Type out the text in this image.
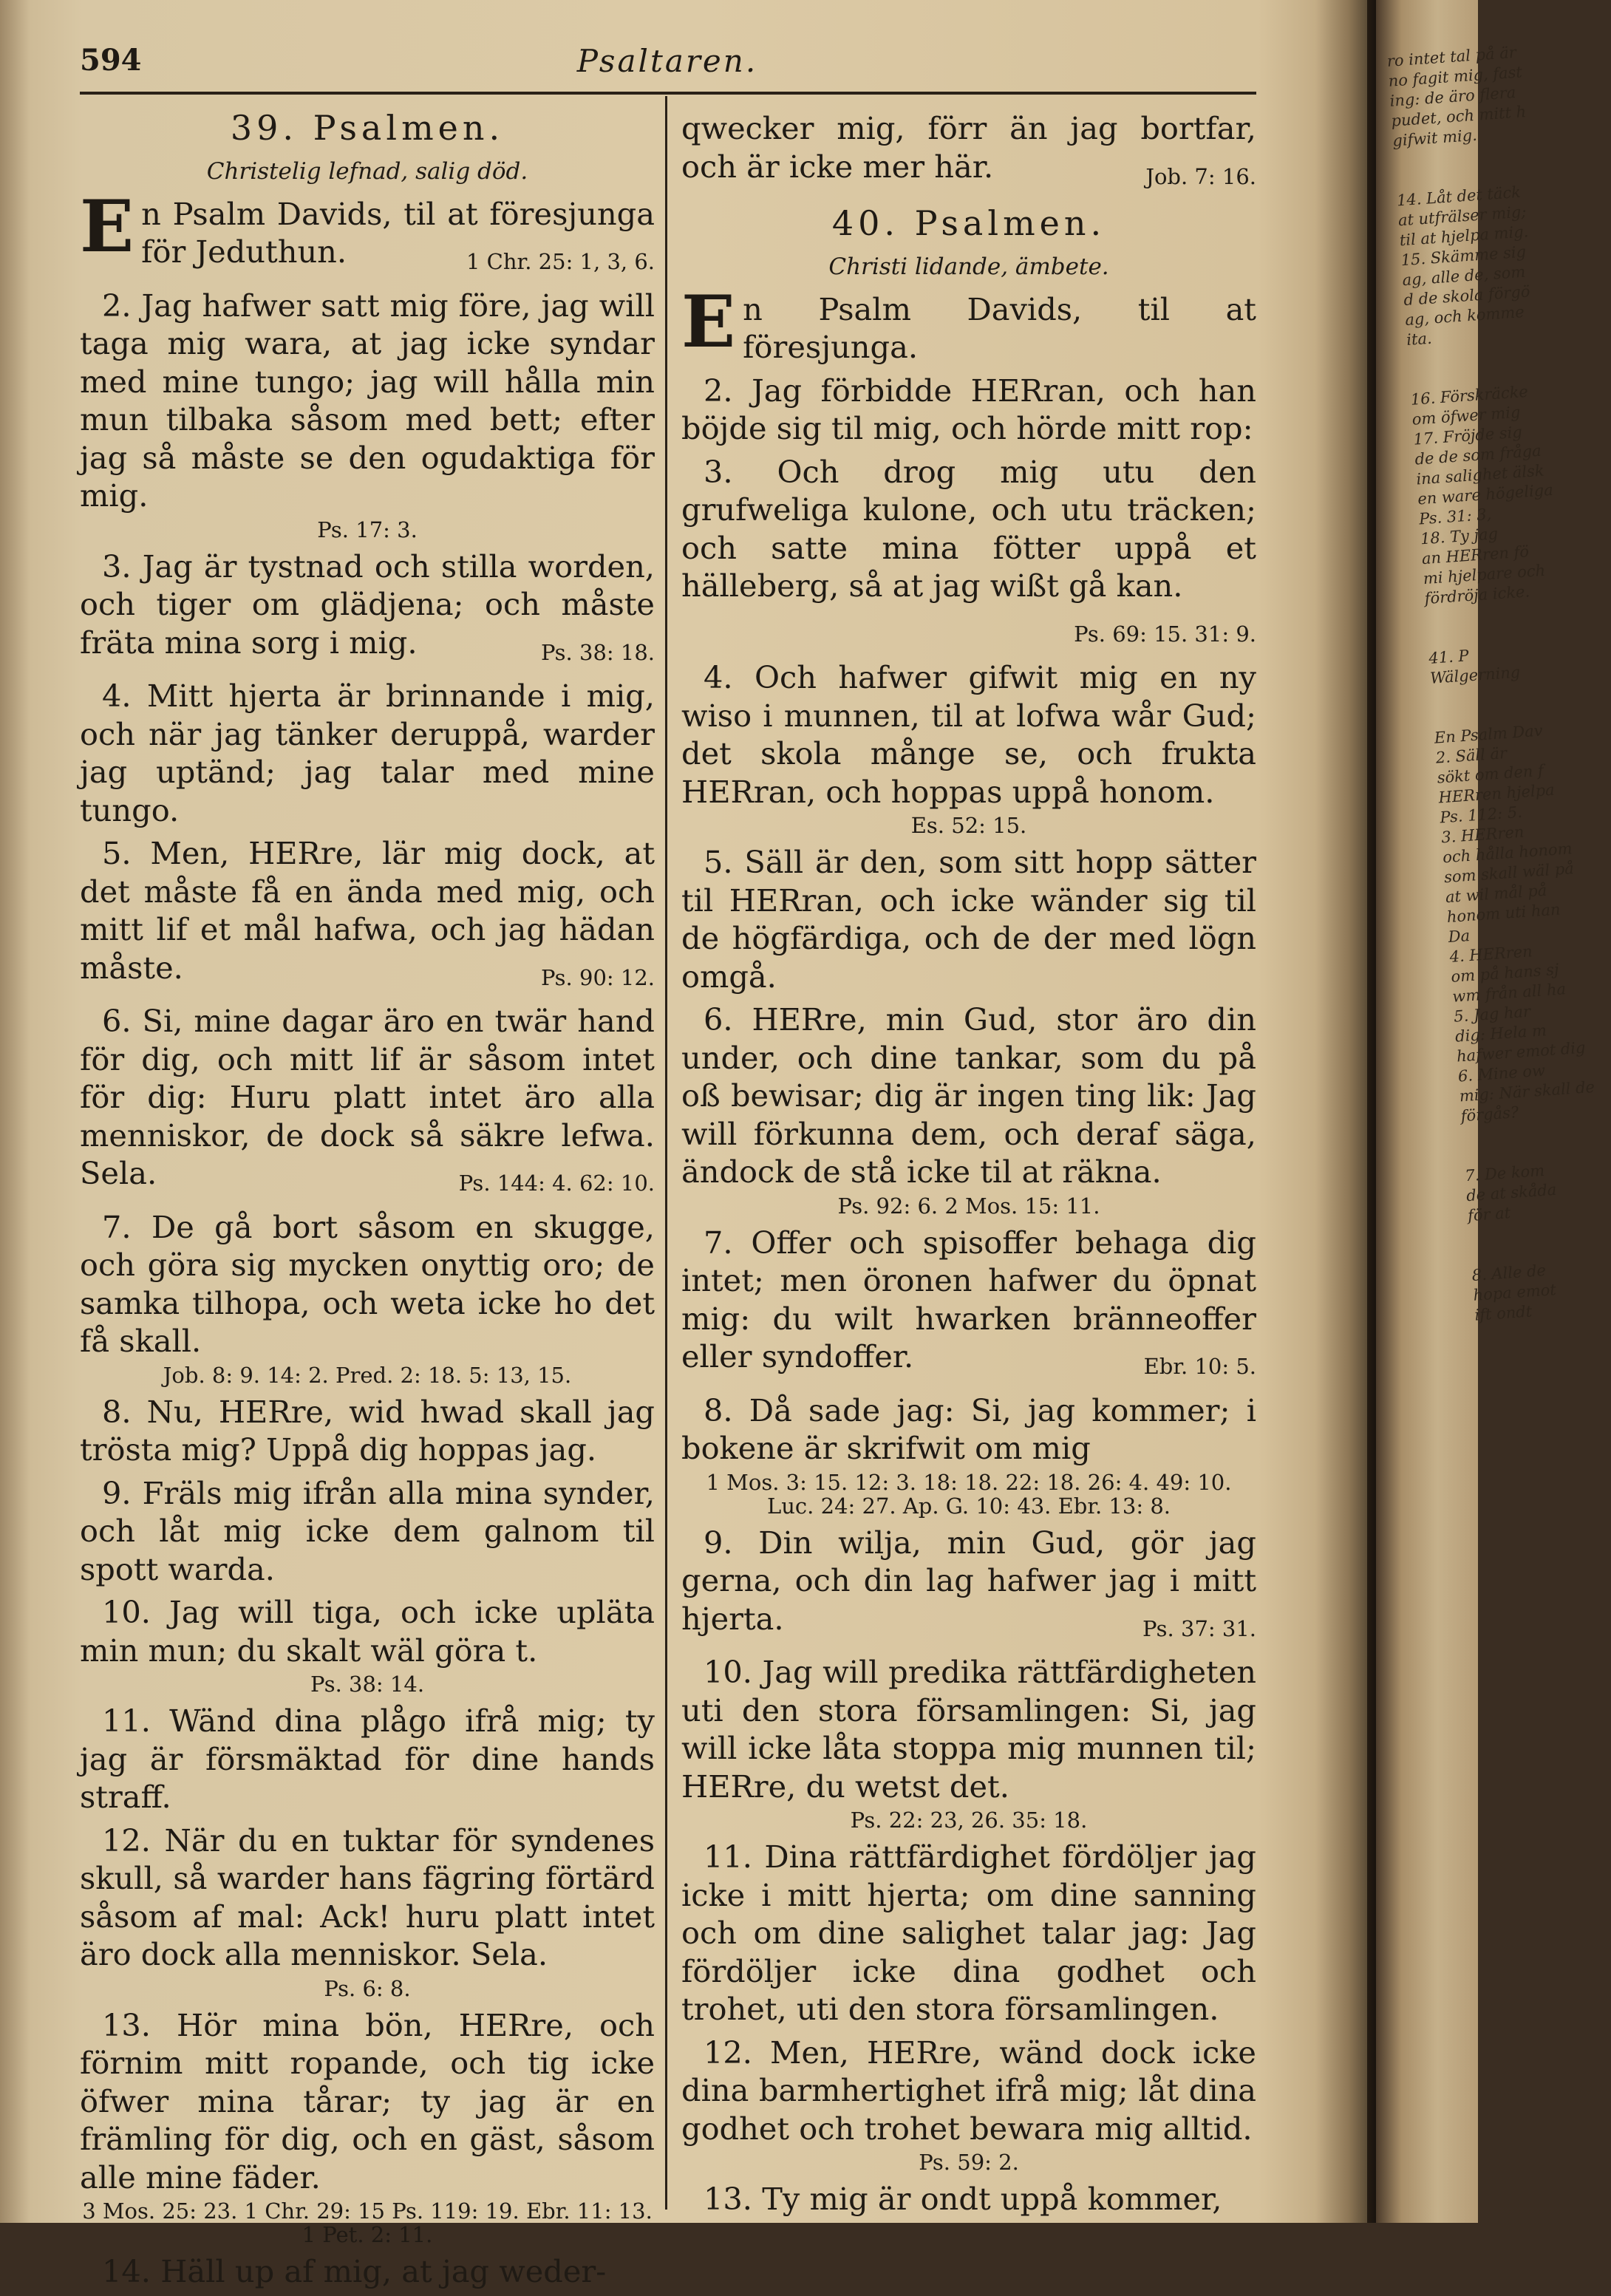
594	Psaltaren.
39. Psalmen.
Christelig lefnad, salig död.
En Psalm Davids, til at föresjunga för Jeduthun.	1 Chr. 25: 1, 3, 6.
2. Jag hafwer satt mig före, jag will taga mig wara, at jag icke syndar med mine tungo; jag will hålla min mun tilbaka såsom med bett; efter jag så måste se den ogudaktiga för mig.
Ps. 17: 3.
3. Jag är tystnad och stilla worden, och tiger om glädjena; och måste fräta mina sorg i mig.	Ps. 38: 18.
4. Mitt hjerta är brinnande i mig, och när jag tänker deruppå, warder jag uptänd; jag talar med mine tungo.
5. Men, HERre, lär mig dock, at det måste få en ända med mig, och mitt lif et mål hafwa, och jag hädan måste.	Ps. 90: 12.
6. Si, mine dagar äro en twär hand för dig, och mitt lif är såsom intet för dig: Huru platt intet äro alla menniskor, de dock så säkre lefwa. Sela.	Ps. 144: 4. 62: 10.
7. De gå bort såsom en skugge, och göra sig mycken onyttig oro; de samka tilhopa, och weta icke ho det få skall.
Job. 8: 9. 14: 2. Pred. 2: 18. 5: 13, 15.
8. Nu, HERre, wid hwad skall jag trösta mig? Uppå dig hoppas jag.
9. Fräls mig ifrån alla mina synder, och låt mig icke dem galnom til spott warda.
10. Jag will tiga, och icke upläta min mun; du skalt wäl göra t.
Ps. 38: 14.
11. Wänd dina plågo ifrå mig; ty jag är försmäktad för dine hands straff.
12. När du en tuktar för syndenes skull, så warder hans fägring förtärd såsom af mal: Ack! huru platt intet äro dock alla menniskor. Sela.
Ps. 6: 8.
13. Hör mina bön, HERre, och förnim mitt ropande, och tig icke öfwer mina tårar; ty jag är en främling för dig, och en gäst, såsom alle mine fäder.
3 Mos. 25: 23. 1 Chr. 29: 15 Ps. 119: 19. Ebr. 11: 13. 1 Pet. 2: 11.
14. Häll up af mig, at jag weder-
qwecker mig, förr än jag bortfar, och är icke mer här.	Job. 7: 16.
40. Psalmen.
Christi lidande, ämbete.
En Psalm Davids, til at föresjunga.
2. Jag förbidde HERran, och han böjde sig til mig, och hörde mitt rop:
3. Och drog mig utu den grufweliga kulone, och utu träcken; och satte mina fötter uppå et hälleberg, så at jag wißt gå kan.
Ps. 69: 15. 31: 9.
4. Och hafwer gifwit mig en ny wiso i munnen, til at lofwa wår Gud; det skola månge se, och frukta HERran, och hoppas uppå honom.
Es. 52: 15.
5. Säll är den, som sitt hopp sätter til HERran, och icke wänder sig til de högfärdiga, och de der med lögn omgå.
6. HERre, min Gud, stor äro din under, och dine tankar, som du på oß bewisar; dig är ingen ting lik: Jag will förkunna dem, och deraf säga, ändock de stå icke til at räkna.
Ps. 92: 6. 2 Mos. 15: 11.
7. Offer och spisoffer behaga dig intet; men öronen hafwer du öpnat mig: du wilt hwarken bränneoffer eller syndoffer.	Ebr. 10: 5.
8. Då sade jag: Si, jag kommer; i bokene är skrifwit om mig
1 Mos. 3: 15. 12: 3. 18: 18. 22: 18. 26: 4. 49: 10. Luc. 24: 27. Ap. G. 10: 43. Ebr. 13: 8.
9. Din wilja, min Gud, gör jag gerna, och din lag hafwer jag i mitt hjerta.	Ps. 37: 31.
10. Jag will predika rättfärdigheten uti den stora församlingen: Si, jag will icke låta stoppa mig munnen til; HERre, du wetst det.
Ps. 22: 23, 26. 35: 18.
11. Dina rättfärdighet fördöljer jag icke i mitt hjerta; om dine sanning och om dine salighet talar jag: Jag fördöljer icke dina godhet och trohet, uti den stora församlingen.
12. Men, HERre, wänd dock icke dina barmhertighet ifrå mig; låt dina godhet och trohet bewara mig alltid.
Ps. 59: 2.
13. Ty mig är ondt uppå kommer,
ro intet tal på är
no fagit mig, fast
ing: de äro flera
pudet, och mitt h
gifwit mig.
14. Låt det täck
at utfrälser mig;
til at hjelpa mig.
15. Skämme sig
ag, alle de, som
d de skola förgö
ag, och komme
ita.
16. Förskräcke
om öfwer mig
17. Fröjde sig
de de som fråga
ina salighet älsk
en ware högeliga
Ps. 31: 3,
18. Ty jag
an HERren fö
mi hjelpare och
fördröja icke.
41. P
Wälgerning
En Psalm Dav
2. Säll är
sökt om den f
HERren hjelpa
Ps. 112: 5.
3. HERren
och hålla honom
som skall wäl på
at wil mål på
honom uti han
Da
4. HERren
om på hans sj
wm från all ha
5. Jag har
dig: Hela m
hafwer emot dig
6. Mine ow
mig: När skall de
förgås?
7. De kom
de at skåda
för at
8. Alle de
hopa emot
ift ondt
